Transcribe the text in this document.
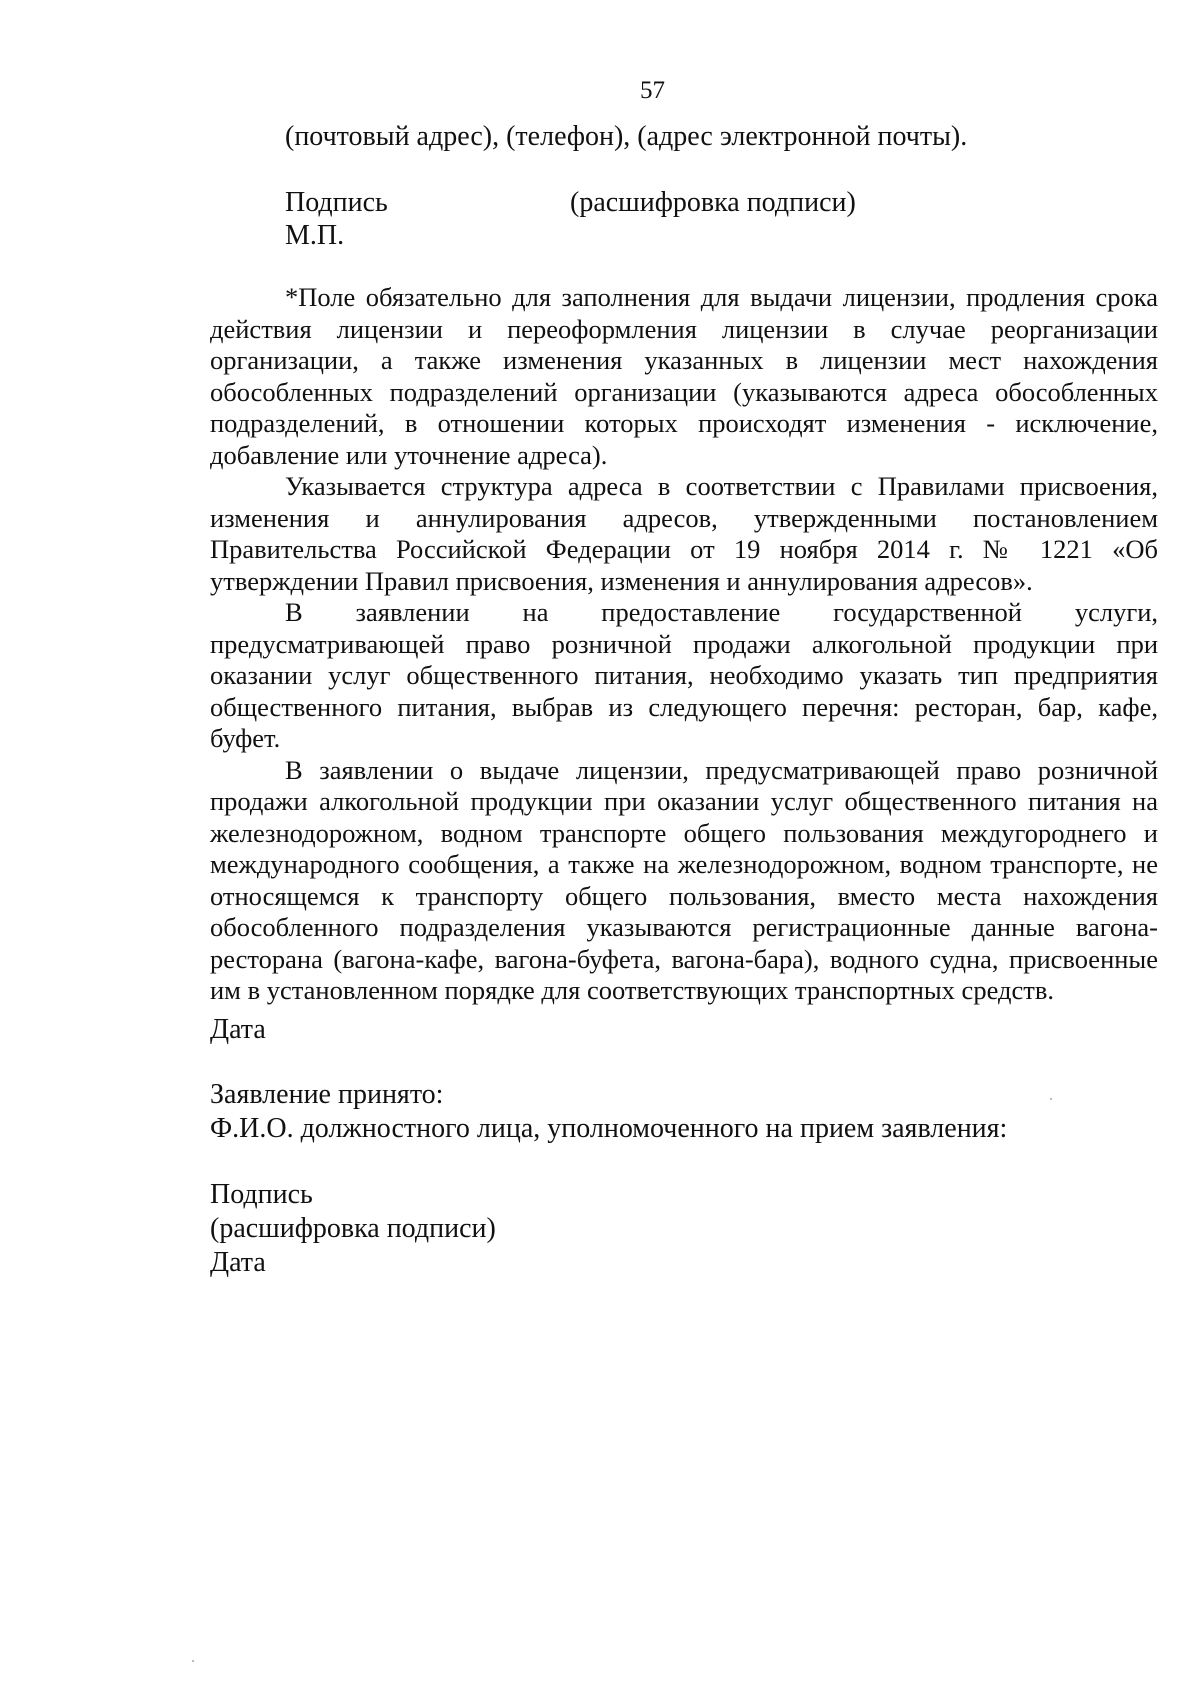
57
(почтовый адрес), (телефон), (адрес электронной почты).
Подпись	(расшифровка подписи)
М.П.

*Поле обязательно для заполнения для выдачи лицензии, продления срока действия лицензии и переоформления лицензии в случае реорганизации организации, а также изменения указанных в лицензии мест нахождения обособленных подразделений организации (указываются адреса обособленных подразделений, в отношении которых происходят изменения - исключение, добавление или уточнение адреса).

Указывается структура адреса в соответствии с Правилами присвоения, изменения и аннулирования адресов, утвержденными постановлением Правительства Российской Федерации от 19 ноября 2014 г. № 1221 «Об утверждении Правил присвоения, изменения и аннулирования адресов».

В заявлении на предоставление государственной услуги, предусматривающей право розничной продажи алкогольной продукции при оказании услуг общественного питания, необходимо указать тип предприятия общественного питания, выбрав из следующего перечня: ресторан, бар, кафе, буфет.

В заявлении о выдаче лицензии, предусматривающей право розничной продажи алкогольной продукции при оказании услуг общественного питания на железнодорожном, водном транспорте общего пользования междугороднего и международного сообщения, а также на железнодорожном, водном транспорте, не относящемся к транспорту общего пользования, вместо места нахождения обособленного подразделения указываются регистрационные данные вагона-ресторана (вагона-кафе, вагона-буфета, вагона-бара), водного судна, присвоенные им в установленном порядке для соответствующих транспортных средств.

Дата
Заявление принято:
Ф.И.О. должностного лица, уполномоченного на прием заявления:
Подпись
(расшифровка подписи)
Дата
